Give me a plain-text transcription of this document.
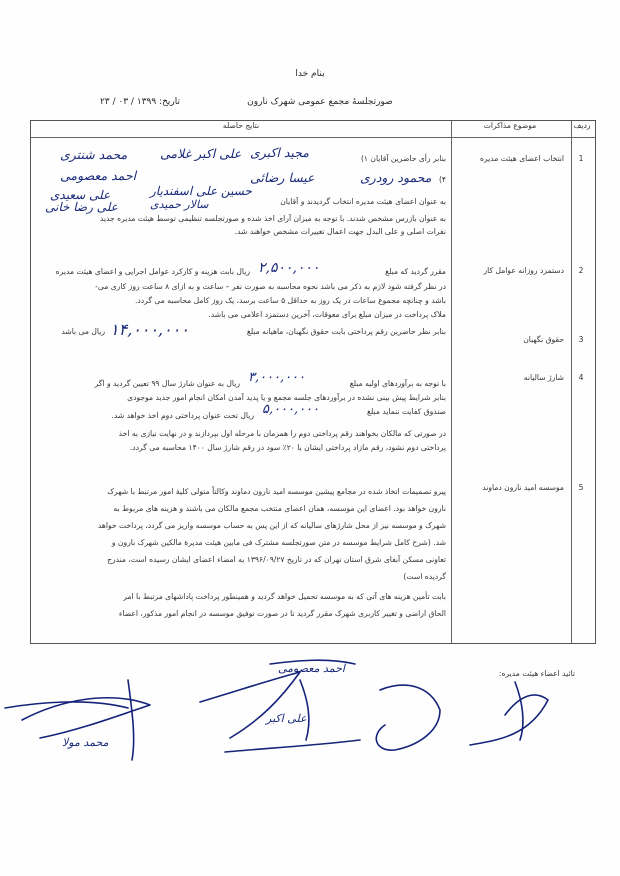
بنام خدا
صورتجلسهٔ مجمع عمومی شهرک نارون
تاریخ: ۱۳۹۹ / ۰۳ / ۲۳
ردیف
موضوع مذاکرات
نتایج حاصله
1
2
3
4
5
انتخاب اعضای هیئت مدیره
دستمزد روزانه عوامل کار
حقوق نگهبان
شارژ سالیانه
موسسه امید نارون دماوند
بنابر رأی حاضرین آقایان ۱)
۴)
به عنوان اعضای هیئت مدیره انتخاب گردیدند و آقایان
به عنوان بازرس مشخص شدند. با توجه به میزان آرای اخذ شده و صورتجلسه تنظیمی توسط هیئت مدیره جدید
نفرات اصلی و علی البدل جهت اعمال تغییرات مشخص خواهند شد.
مجید اکبری
علی اکبر غلامی
محمد شنتری
محمود رودری
عیسا رضائی
احمد معصومی
حسین علی اسفندیار
علی سعیدی
علی رضا خانی	سالار حمیدی
مقرر گردید که مبلغ
۲,۵۰۰,۰۰۰
ریال بابت هزینه و کارکرد عوامل اجرایی و اعضای هیئت مدیره
در نظر گرفته شود لازم به ذکر می باشد نحوه محاسبه به صورت نفر – ساعت و به ازای ۸ ساعت روز کاری می-
باشد و چنانچه مجموع ساعات در یک روز به حداقل ۵ ساعت برسد، یک روز کامل محاسبه می گردد.
ملاک پرداخت در میزان مبلغ برای معوقات، آخرین دستمزد اعلامی می باشد.
بنابر نظر حاضرین رقم پرداختی بابت حقوق نگهبان، ماهیانه مبلغ
۱۴,۰۰۰,۰۰۰
ریال می باشد
با توجه به برآوردهای اولیه مبلغ
۳,۰۰۰,۰۰۰
ریال به عنوان شارژ سال ۹۹ تعیین گردید و اگر
بنابر شرایط پیش بینی نشده در برآوردهای جلسه مجمع و یا پدید آمدن امکان انجام امور جدید موجودی
صندوق کفایت ننماید مبلغ
۵,۰۰۰,۰۰۰
ریال تحت عنوان پرداختی دوم اخذ خواهد شد.
در صورتی که مالکان بخواهند رقم پرداختی دوم را همزمان با مرحله اول بپردازند و در نهایت نیازی به اخذ
پرداختی دوم نشود، رقم مازاد پرداختی ایشان با ۲۰٪ سود در رقم شارژ سال ۱۴۰۰ محاسبه می گردد.
پیرو تصمیمات اتخاذ شده در مجامع پیشین موسسه امید نارون دماوند وکالتاً متولی کلیهٔ امور مرتبط با شهرک
نارون خواهد بود. اعضای این موسسه، همان اعضای منتخب مجمع مالکان می باشند و هزینه های مربوط به
شهرک و موسسه نیز از محل شارژهای سالیانه که از این پس به حساب موسسه واریز می گردد، پرداخت خواهد
شد. (شرح کامل شرایط موسسه در متن صورتجلسه مشترک فی مابین هیئت مدیرهٔ مالکین شهرک نارون و
تعاونی مسکن آبفای شرق استان تهران که در تاریخ ۱۳۹۶/۰۹/۲۷ به امضاء اعضای ایشان رسیده است، مندرج
گردیده است)
بابت تأمین هزینه های آتی که به موسسه تحمیل خواهد گردید و همینطور پرداخت پاداشهای مرتبط با امر
الحاق اراضی و تغییر کاربری شهرک مقرر گردید تا در صورت توفیق موسسه در انجام امور مذکور، اعضاء
تائید اعضاء هیئت مدیره:
احمد معصومی
علی اکبر
محمد مولا
